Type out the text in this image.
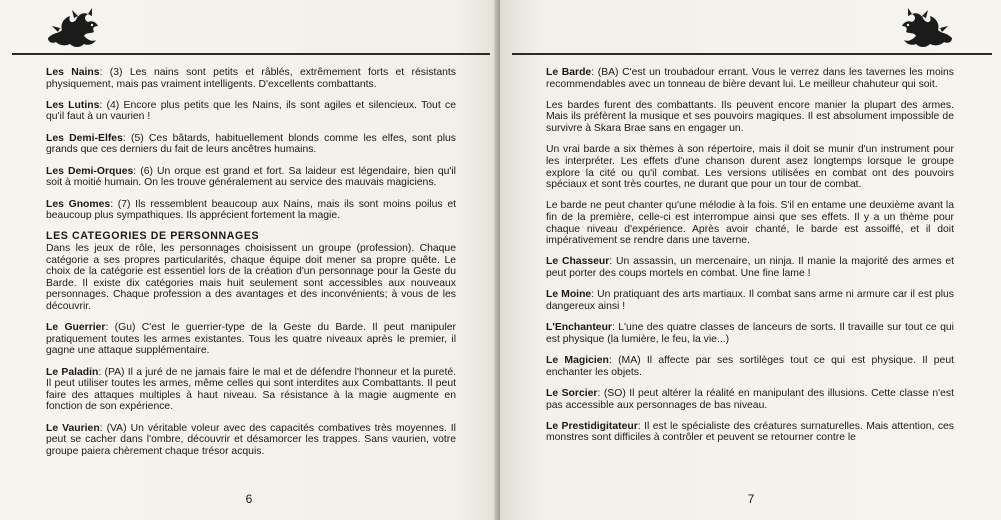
Les Nains: (3) Les nains sont petits et râblés, extrêmement forts et résistants physiquement, mais pas vraiment intelligents. D'excellents combattants.

Les Lutins: (4) Encore plus petits que les Nains, ils sont agiles et silencieux. Tout ce qu'il faut à un vaurien !

Les Demi-Elfes: (5) Ces bâtards, habituellement blonds comme les elfes, sont plus grands que ces derniers du fait de leurs ancêtres humains.

Les Demi-Orques: (6) Un orque est grand et fort. Sa laideur est légendaire, bien qu'il soit à moitié humain. On les trouve généralement au service des mauvais magiciens.

Les Gnomes: (7) Ils ressemblent beaucoup aux Nains, mais ils sont moins poilus et beaucoup plus sympathiques. Ils apprécient fortement la magie.

LES CATEGORIES DE PERSONNAGES
Dans les jeux de rôle, les personnages choisissent un groupe (profession). Chaque catégorie a ses propres particularités, chaque équipe doit mener sa propre quête. Le choix de la catégorie est essentiel lors de la création d'un personnage pour la Geste du Barde. Il existe dix catégories mais huit seulement sont accessibles aux nouveaux personnages. Chaque profession a des avantages et des inconvénients; à vous de les découvrir.

Le Guerrier: (Gu) C'est le guerrier-type de la Geste du Barde. Il peut manipuler pratiquement toutes les armes existantes. Tous les quatre niveaux après le premier, il gagne une attaque supplémentaire.

Le Paladin: (PA) Il a juré de ne jamais faire le mal et de défendre l'honneur et la pureté. Il peut utiliser toutes les armes, même celles qui sont interdites aux Combattants. Il peut faire des attaques multiples à haut niveau. Sa résistance à la magie augmente en fonction de son expérience.

Le Vaurien: (VA) Un véritable voleur avec des capacités combatives très moyennes. Il peut se cacher dans l'ombre, découvrir et désamorcer les trappes. Sans vaurien, votre groupe paiera chèrement chaque trésor acquis.

6

Le Barde: (BA) C'est un troubadour errant. Vous le verrez dans les tavernes les moins recommendables avec un tonneau de bière devant lui. Le meilleur chahuteur qui soit.

Les bardes furent des combattants. Ils peuvent encore manier la plupart des armes. Mais ils préfèrent la musique et ses pouvoirs magiques. Il est absolument impossible de survivre à Skara Brae sans en engager un.

Un vrai barde a six thèmes à son répertoire, mais il doit se munir d'un instrument pour les interpréter. Les effets d'une chanson durent asez longtemps lorsque le groupe explore la cité ou qu'il combat. Les versions utilisées en combat ont des pouvoirs spéciaux et sont très courtes, ne durant que pour un tour de combat.

Le barde ne peut chanter qu'une mélodie à la fois. S'il en entame une deuxième avant la fin de la première, celle-ci est interrompue ainsi que ses effets. Il y a un thème pour chaque niveau d'expérience. Après avoir chanté, le barde est assoiffé, et il doit impérativement se rendre dans une taverne.

Le Chasseur: Un assassin, un mercenaire, un ninja. Il manie la majorité des armes et peut porter des coups mortels en combat. Une fine lame !

Le Moine: Un pratiquant des arts martiaux. Il combat sans arme ni armure car il est plus dangereux ainsi !

L'Enchanteur: L'une des quatre classes de lanceurs de sorts. Il travaille sur tout ce qui est physique (la lumière, le feu, la vie...)

Le Magicien: (MA) Il affecte par ses sortilèges tout ce qui est physique. Il peut enchanter les objets.

Le Sorcier: (SO) Il peut altérer la réalité en manipulant des illusions. Cette classe n'est pas accessible aux personnages de bas niveau.

Le Prestidigitateur: Il est le spécialiste des créatures surnaturelles. Mais attention, ces monstres sont difficiles à contrôler et peuvent se retourner contre le

7
